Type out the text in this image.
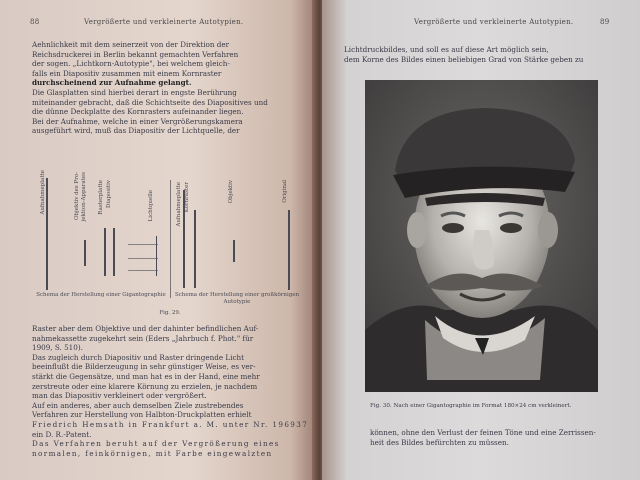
88	Vergrößerte und verkleinerte Autotypien.
Aehnlichkeit mit dem seinerzeit von der Direktion der
Reichsdruckerei in Berlin bekannt gemachten Verfahren
der sogen. „Lichtkorn-Autotypie", bei welchem gleich-
falls ein Diapositiv zusammen mit einem Kornraster
durchscheinend zur Aufnahme gelangt.
Die Glasplatten sind hierbei derart in engste Berührung
miteinander gebracht, daß die Schichtseite des Diapositives und
die dünne Deckplatte des Kornrasters aufeinander liegen.
Bei der Aufnahme, welche in einer Vergrößerungskamera
ausgeführt wird, muß das Diapositiv der Lichtquelle, der
Aufnahmeplatte	Objektiv des Pro- jektion-Apparates Rasterplatte Diapositiv	Lichtquelle	Aufnahmeplatte Kornraster	Objektiv	Original
Schema der Herstellung einer Gigantographie	Schema der Herstellung einer großkörnigen Autotypie
Fig. 29.
Raster aber dem Objektive und der dahinter befindlichen Auf-
nahmekassette zugekehrt sein (Eders „Jahrbuch f. Phot." für
1909, S. 510).
Das zugleich durch Diapositiv und Raster dringende Licht
beeinflußt die Bilderzeugung in sehr günstiger Weise, es ver-
stärkt die Gegensätze, und man hat es in der Hand, eine mehr
zerstreute oder eine klarere Körnung zu erzielen, je nachdem
man das Diapositiv verkleinert oder vergrößert.
Auf ein anderes, aber auch demselben Ziele zustrebendes
Verfahren zur Herstellung von Halbton-Druckplatten erhielt
Friedrich Hemsath in Frankfurt a. M. unter Nr. 196937
ein D. R.-Patent.
Das Verfahren beruht auf der Vergrößerung eines
normalen, feinkörnigen, mit Farbe eingewalzten
Vergrößerte und verkleinerte Autotypien.	89
Lichtdruckbildes, und soll es auf diese Art möglich sein,
dem Korne des Bildes einen beliebigen Grad von Stärke geben zu
Fig. 30. Nach einer Gigantographie im Format 180×24 cm verkleinert.
können, ohne den Verlust der feinen Töne und eine Zerrissen-
heit des Bildes befürchten zu müssen.
